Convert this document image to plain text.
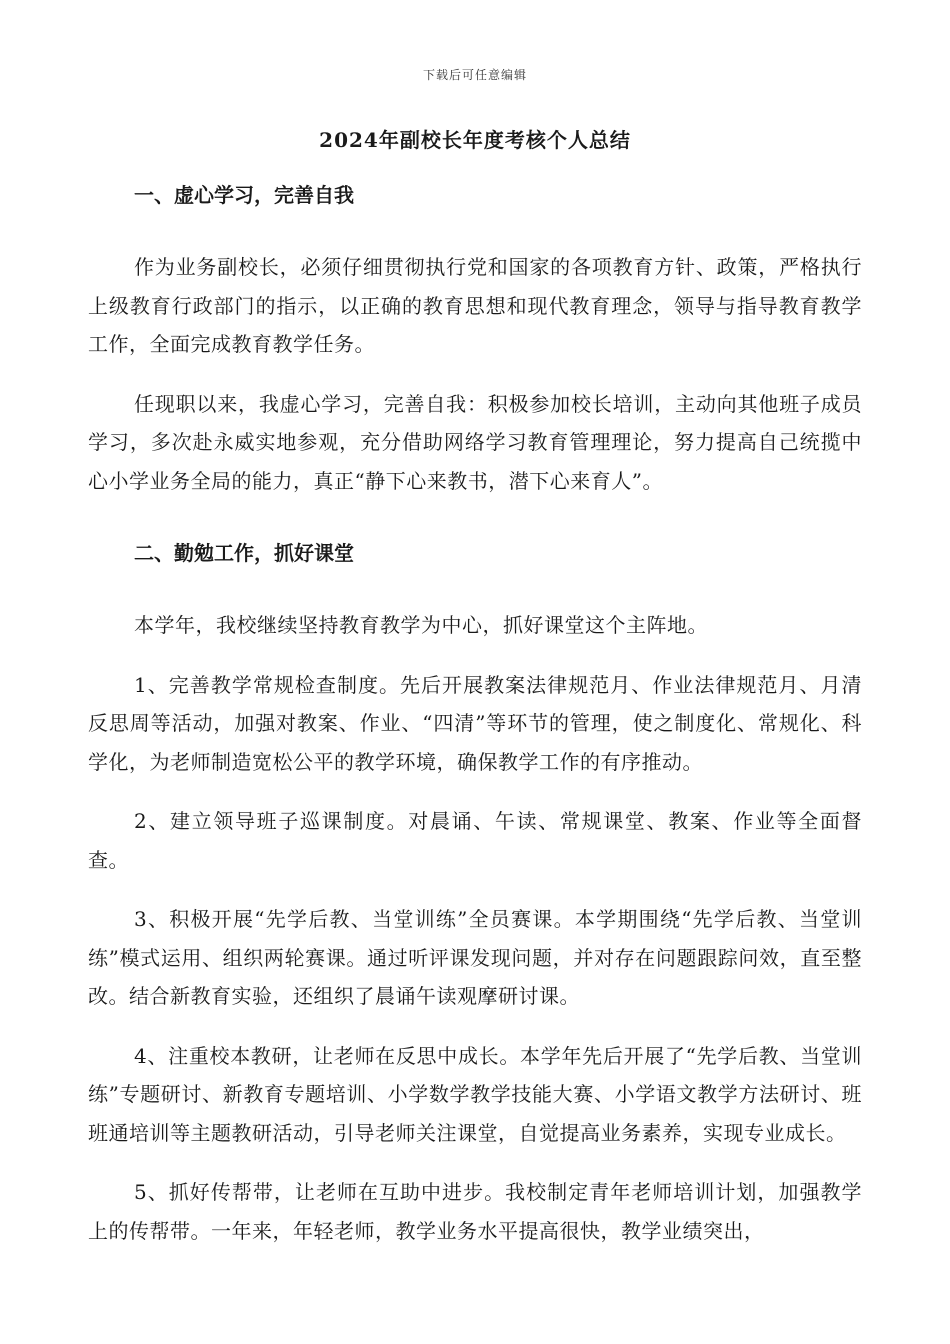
下载后可任意编辑
2024年副校长年度考核个人总结

一、虚心学习，完善自我

作为业务副校长，必须仔细贯彻执行党和国家的各项教育方针、政策，严格执行上级教育行政部门的指示，以正确的教育思想和现代教育理念，领导与指导教育教学工作，全面完成教育教学任务。

任现职以来，我虚心学习，完善自我：积极参加校长培训，主动向其他班子成员学习，多次赴永威实地参观，充分借助网络学习教育管理理论，努力提高自己统揽中心小学业务全局的能力，真正“静下心来教书，潜下心来育人”。

二、勤勉工作，抓好课堂

本学年，我校继续坚持教育教学为中心，抓好课堂这个主阵地。

1、完善教学常规检查制度。先后开展教案法律规范月、作业法律规范月、月清反思周等活动，加强对教案、作业、“四清”等环节的管理，使之制度化、常规化、科学化，为老师制造宽松公平的教学环境，确保教学工作的有序推动。

2、建立领导班子巡课制度。对晨诵、午读、常规课堂、教案、作业等全面督查。

3、积极开展“先学后教、当堂训练”全员赛课。本学期围绕“先学后教、当堂训练”模式运用、组织两轮赛课。通过听评课发现问题，并对存在问题跟踪问效，直至整改。结合新教育实验，还组织了晨诵午读观摩研讨课。

4、注重校本教研，让老师在反思中成长。本学年先后开展了“先学后教、当堂训练”专题研讨、新教育专题培训、小学数学教学技能大赛、小学语文教学方法研讨、班班通培训等主题教研活动，引导老师关注课堂，自觉提高业务素养，实现专业成长。

5、抓好传帮带，让老师在互助中进步。我校制定青年老师培训计划，加强教学上的传帮带。一年来，年轻老师，教学业务水平提高很快，教学业绩突出，
